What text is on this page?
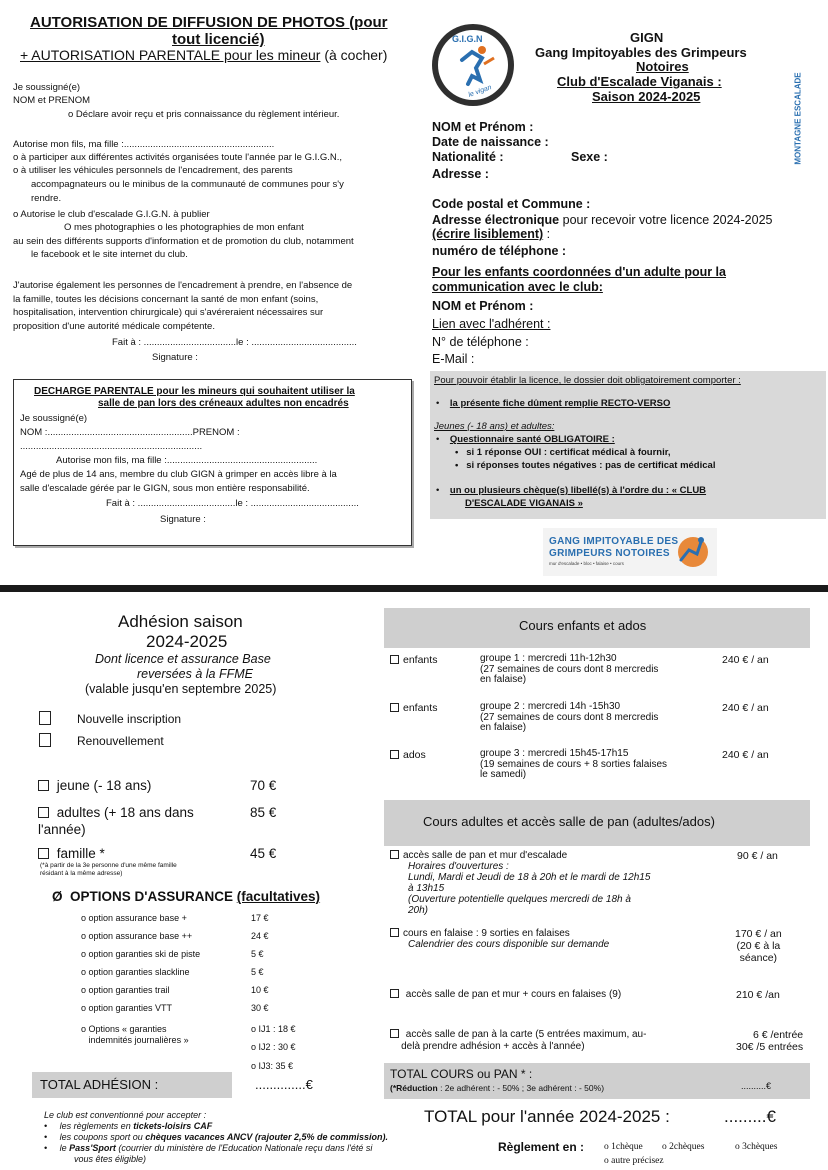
AUTORISATION DE DIFFUSION DE PHOTOS (pour
tout licencié)
+ AUTORISATION PARENTALE pour les mineur (à cocher)
Je soussigné(e)
NOM et PRENOM
o Déclare avoir reçu et pris connaissance du règlement intérieur.
Autorise mon fils, ma fille :.........................................................
o à participer aux différentes activités organisées toute l'année par le G.I.G.N.,
o à utiliser les véhicules personnels de l'encadrement, des parents
accompagnateurs ou le minibus de la communauté de communes pour s'y
rendre.
o Autorise le club d'escalade G.I.G.N. à publier
O mes photographies o les photographies de mon enfant
au sein des différents supports d'information et de promotion du club, notamment
le facebook et le site internet du club.
J'autorise également les personnes de l'encadrement à prendre, en l'absence de
la famille, toutes les décisions concernant la santé de mon enfant (soins,
hospitalisation, intervention chirurgicale) qui s'avéreraient nécessaires sur
proposition d'une autorité médicale compétente.
Fait à : ...................................le : ........................................
Signature :
DECHARGE PARENTALE pour les mineurs qui souhaitent utiliser la
salle de pan lors des créneaux adultes non encadrés
Je soussigné(e)
NOM :.......................................................PRENOM :
.....................................................................
Autorise mon fils, ma fille :.........................................................
Agé de plus de 14 ans, membre du club GIGN à grimper en accès libre à la
salle d'escalade gérée par le GIGN, sous mon entière responsabilité.
Fait à : .....................................le : .........................................
Signature :
G.I.G.N
le vigan
GIGN
Gang Impitoyables des Grimpeurs
Notoires
Club d'Escalade Viganais :
Saison 2024-2025	MONTAGNE ESCALADE
NOM et Prénom :
Date de naissance :
Nationalité :	Sexe :
Adresse :
Code postal et Commune :
Adresse électronique pour recevoir votre licence 2024-2025
(écrire lisiblement) :
numéro de téléphone :
Pour les enfants coordonnées d'un adulte pour la
communication avec le club:
NOM et Prénom :
Lien avec l'adhérent :
N° de téléphone :
E-Mail :
Pour pouvoir établir la licence, le dossier doit obligatoirement comporter :
•    la présente fiche dûment remplie RECTO-VERSO
Jeunes (- 18 ans) et adultes:
•    Questionnaire santé OBLIGATOIRE :
•   si 1 réponse OUI : certificat médical à fournir,
•   si réponses toutes négatives : pas de certificat médical
•    un ou plusieurs chèque(s) libellé(s) à l'ordre du : « CLUB
D'ESCALADE VIGANAIS »
GANG IMPITOYABLE DES
GRIMPEURS NOTOIRES
mur d'escalade • bloc • falaise • cours
Adhésion saison
2024-2025
Dont licence et assurance Base
reversées à la FFME
(valable jusqu'en septembre 2025)
Nouvelle inscription
Renouvellement
jeune (- 18 ans)	70 €
adultes (+ 18 ans dans
l'année)
85 €
famille *	45 €
(*à partir de la 3e personne d'une même famille
résidant à la même adresse)
Ø OPTIONS D'ASSURANCE (facultatives)
o Options « garanties
indemnités journalières »
o IJ1 : 18 €
o IJ2 : 30 €
o IJ3: 35 €
TOTAL ADHÉSION :	..............€
Cours enfants et ados
Cours adultes et accès salle de pan (adultes/ados)
accès salle de pan et mur d'escalade
Horaires d'ouvertures :
Lundi, Mardi et Jeudi de 18 à 20h et le mardi de 12h15
à 13h15
(Ouverture potentielle quelques mercredi de 18h à
20h)
90 € / an
cours en falaise : 9 sorties en falaises
Calendrier des cours disponible sur demande
170 € / an
(20 € à la
séance)
accès salle de pan et mur + cours en falaises (9)	210 € /an
accès salle de pan à la carte (5 entrées maximum, au-
delà prendre adhésion + accès à l'année)
6 € /entrée
30€ /5 entrées
TOTAL COURS ou PAN * :
(*Réduction : 2e adhérent : - 50% ; 3e adhérent : - 50%)	..........€
Le club est conventionné pour accepter :
•     les règlements en tickets-loisirs CAF
•     les coupons sport ou chèques vacances ANCV (rajouter 2,5% de commission).
•     le Pass'Sport (courrier du ministère de l'Education Nationale reçu dans l'été si
vous êtes éligible)
TOTAL pour l'année 2024-2025 :	.........€
Règlement en : o 1chèque o 2chèques	o 3chèques
o autre précisez
o option assurance base +	17 €
o option assurance base ++	24 €
o option garanties ski de piste	5 €
o option garanties slackline	5 €
o option garanties trail	10 €
o option garanties VTT	30 €
enfants	groupe 1 : mercredi 11h-12h30
(27 semaines de cours dont 8 mercredis
en falaise)
240 € / an
enfants	groupe 2 : mercredi 14h -15h30
(27 semaines de cours dont 8 mercredis
en falaise)
240 € / an
ados	groupe 3 : mercredi 15h45-17h15
(19 semaines de cours + 8 sorties falaises
le samedi)
240 € / an
